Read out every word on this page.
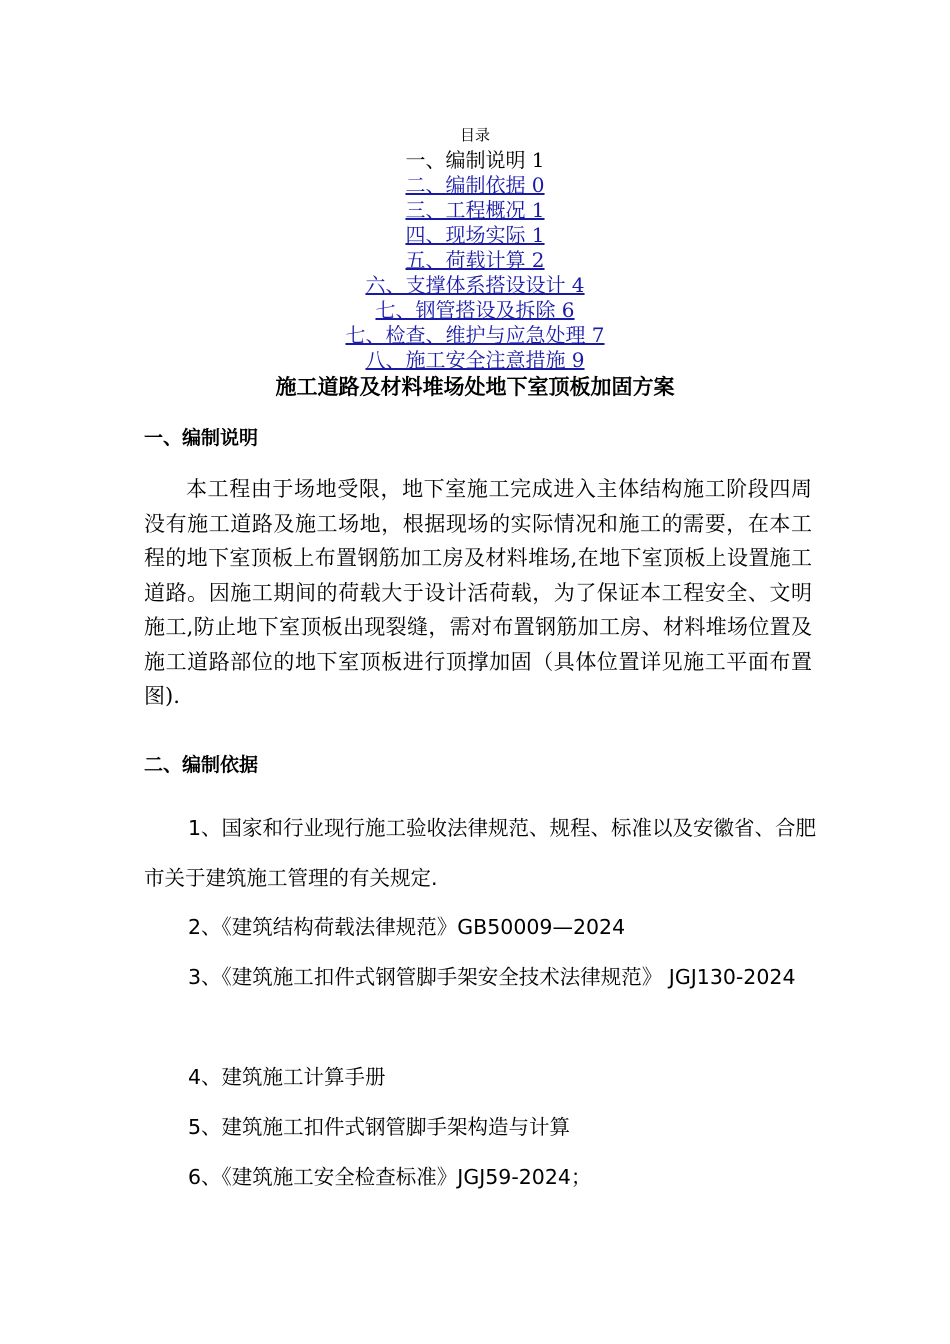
目录
一、编制说明 1
二、编制依据 0
三、工程概况 1
四、现场实际 1
五、荷载计算 2
六、支撑体系搭设设计 4
七、钢管搭设及拆除 6
七、检查、维护与应急处理 7
八、施工安全注意措施 9
施工道路及材料堆场处地下室顶板加固方案
一、编制说明

本工程由于场地受限，地下室施工完成进入主体结构施工阶段四周没有施工道路及施工场地，根据现场的实际情况和施工的需要，在本工程的地下室顶板上布置钢筋加工房及材料堆场,在地下室顶板上设置施工道路。因施工期间的荷载大于设计活荷载，为了保证本工程安全、文明施工,防止地下室顶板出现裂缝，需对布置钢筋加工房、材料堆场位置及施工道路部位的地下室顶板进行顶撑加固（具体位置详见施工平面布置图).

二、编制依据

1、国家和行业现行施工验收法律规范、规程、标准以及安徽省、合肥市关于建筑施工管理的有关规定.

2、《建筑结构荷载法律规范》GB50009—2024

3、《建筑施工扣件式钢管脚手架安全技术法律规范》 JGJ130-2024

4、建筑施工计算手册

5、建筑施工扣件式钢管脚手架构造与计算

6、《建筑施工安全检查标准》JGJ59-2024；
